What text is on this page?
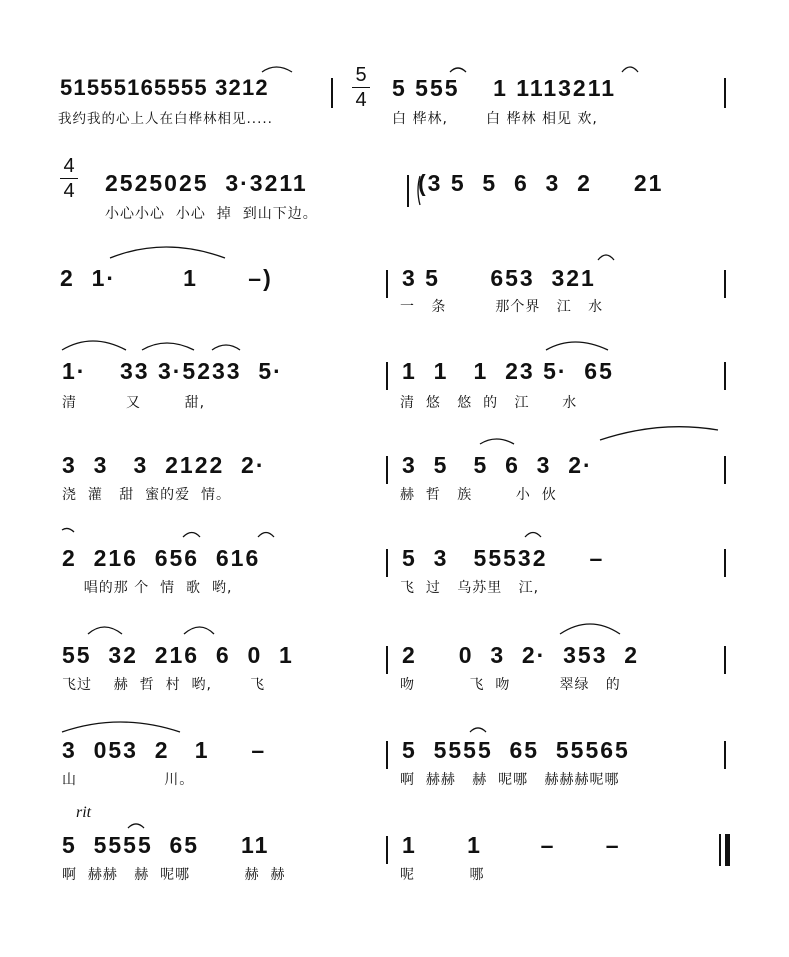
51555165555 3212
我约我的心上人在白桦林相见.....
5
4 5 555    1 1113211
白 桦林,       白 桦林 相见 欢,
4
4 2525025  3·3211
小心小心  小心  掉  到山下边。
(3 5  5  6  3  2     21
2  1·        1      –)	3 5      653  321
一   条         那个界   江   水
1·    33 3·5233  5·
清         又        甜,
1  1   1  23 5·  65
清  悠   悠  的   江      水
3  3   3  2122  2·
浇  灌   甜  蜜的爱  情。
3  5   5  6  3  2·
赫  哲   族        小  伙
2  216  656  616
唱的那 个  情  歌  哟,
5  3   55532     –
飞  过   乌苏里   江,
55  32  216  6  0  1
飞过    赫  哲  村  哟,       飞
2     0  3  2·  353  2
吻          飞  吻         翠绿   的
3  053  2   1     –
山                川。
5  5555  65  55565
啊  赫赫   赫  呢哪   赫赫赫呢哪
rit
5  5555  65     11
啊  赫赫   赫  呢哪          赫  赫
1      1       –      –
呢          哪
